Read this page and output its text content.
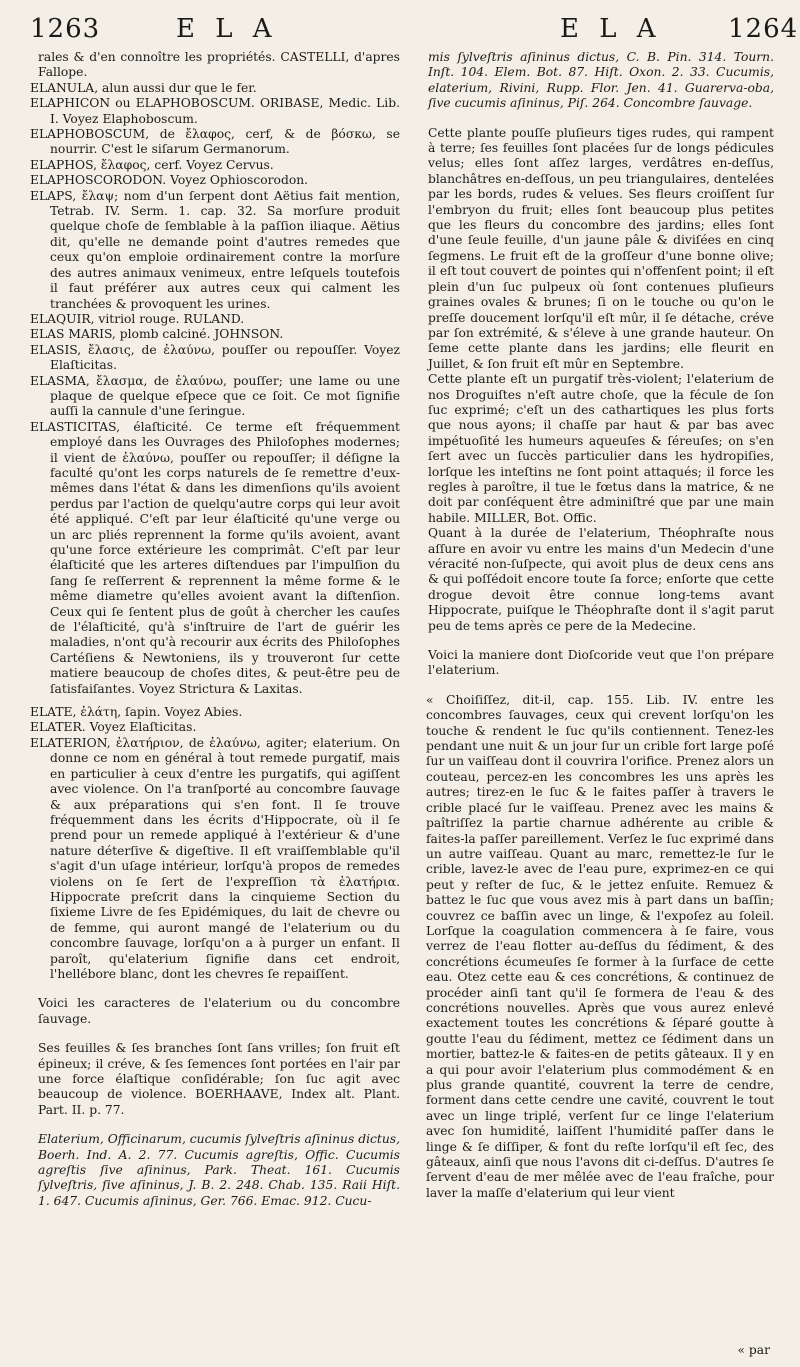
1263	E L A	E L A	1264

rales & d'en connoître les propriétés. CASTELLI, d'apres Fallope.

ELANULA, alun aussi dur que le fer.

ELAPHICON ou ELAPHOBOSCUM. ORIBASE, Medic. Lib. I. Voyez Elaphoboscum.

ELAPHOBOSCUM, de ἔλαφος, cerf, & de βόσκω, se nourrir. C'est le siſarum Germanorum.

ELAPHOS, ἔλαφος, cerf. Voyez Cervus.

ELAPHOSCORODON. Voyez Ophioscorodon.

ELAPS, ἔλαψ; nom d'un ſerpent dont Aëtius fait mention, Tetrab. IV. Serm. 1. cap. 32. Sa morſure produit quelque choſe de ſemblable à la paſſion iliaque. Aëtius dit, qu'elle ne demande point d'autres remedes que ceux qu'on emploie ordinairement contre la morſure des autres animaux venimeux, entre leſquels toutefois il faut préférer aux autres ceux qui calment les tranchées & provoquent les urines.

ELAQUIR, vitriol rouge. RULAND.

ELAS MARIS, plomb calciné. JOHNSON.

ELASIS, ἔλασις, de ἐλαύνω, pouſſer ou repouſſer. Voyez Elaſticitas.

ELASMA, ἔλασμα, de ἐλαύνω, pouſſer; une lame ou une plaque de quelque eſpece que ce ſoit. Ce mot ſignifie auſſi la cannule d'une ſeringue.

ELASTICITAS, élaſticité. Ce terme eſt fréquemment employé dans les Ouvrages des Philoſophes modernes; il vient de ἐλαύνω, pouſſer ou repouſſer; il déſigne la faculté qu'ont les corps naturels de ſe remettre d'eux-mêmes dans l'état & dans les dimenſions qu'ils avoient perdus par l'action de quelqu'autre corps qui leur avoit été appliqué. C'eſt par leur élaſticité qu'une verge ou un arc pliés reprennent la forme qu'ils avoient, avant qu'une force extérieure les comprimât. C'eſt par leur élaſticité que les arteres diſtendues par l'impulſion du ſang ſe reſſerrent & reprennent la même forme & le même diametre qu'elles avoient avant la diſtenſion. Ceux qui ſe ſentent plus de goût à chercher les cauſes de l'élaſticité, qu'à s'inſtruire de l'art de guérir les maladies, n'ont qu'à recourir aux écrits des Philoſophes Cartéſiens & Newtoniens, ils y trouveront ſur cette matiere beaucoup de choſes dites, & peut-être peu de ſatisfaiſantes. Voyez Strictura & Laxitas.

ELATE, ἐλάτη, ſapin. Voyez Abies.

ELATER. Voyez Elaſticitas.

ELATERION, ἐλατήριον, de ἐλαύνω, agiter; elaterium. On donne ce nom en général à tout remede purgatif, mais en particulier à ceux d'entre les purgatifs, qui agiſſent avec violence. On l'a tranſporté au concombre ſauvage & aux préparations qui s'en font. Il ſe trouve fréquemment dans les écrits d'Hippocrate, où il ſe prend pour un remede appliqué à l'extérieur & d'une nature déterſive & digeſtive. Il eſt vraiſſemblable qu'il s'agit d'un uſage intérieur, lorſqu'à propos de remedes violens on ſe ſert de l'expreſſion τὰ ἐλατήρια. Hippocrate preſcrit dans la cinquieme Section du ſixieme Livre de ſes Epidémiques, du lait de chevre ou de femme, qui auront mangé de l'elaterium ou du concombre ſauvage, lorſqu'on a à purger un enfant. Il paroît, qu'elaterium ſignifie dans cet endroit, l'hellébore blanc, dont les chevres ſe repaiſſent.

Voici les caracteres de l'elaterium ou du concombre ſauvage.

Ses feuilles & ſes branches ſont ſans vrilles; ſon fruit eſt épineux; il créve, & ſes ſemences ſont portées en l'air par une force élaſtique conſidérable; ſon ſuc agit avec beaucoup de violence. BOERHAAVE, Index alt. Plant. Part. II. p. 77.

Elaterium, Officinarum, cucumis ſylveſtris aſininus dictus, Boerh. Ind. A. 2. 77. Cucumis agreſtis, Offic. Cucumis agreſtis ſive aſininus, Park. Theat. 161. Cucumis ſylveſtris, ſive aſininus, J. B. 2. 248. Chab. 135. Raii Hiſt. 1. 647. Cucumis aſininus, Ger. 766. Emac. 912. Cucu-

mis ſylveſtris aſininus dictus, C. B. Pin. 314. Tourn. Inſt. 104. Elem. Bot. 87. Hiſt. Oxon. 2. 33. Cucumis, elaterium, Rivini, Rupp. Flor. Jen. 41. Guarerva-oba, ſive cucumis aſininus, Piſ. 264. Concombre ſauvage.

Cette plante pouſſe pluſieurs tiges rudes, qui rampent à terre; ſes feuilles ſont placées ſur de longs pédicules velus; elles ſont aſſez larges, verdâtres en-deſſus, blanchâtres en-deſſous, un peu triangulaires, dentelées par les bords, rudes & velues. Ses fleurs croiſſent ſur l'embryon du fruit; elles ſont beaucoup plus petites que les fleurs du concombre des jardins; elles ſont d'une ſeule feuille, d'un jaune pâle & diviſées en cinq ſegmens. Le fruit eſt de la groſſeur d'une bonne olive; il eſt tout couvert de pointes qui n'offenſent point; il eſt plein d'un ſuc pulpeux où ſont contenues pluſieurs graines ovales & brunes; ſi on le touche ou qu'on le preſſe doucement lorſqu'il eſt mûr, il ſe détache, créve par ſon extrémité, & s'éleve à une grande hauteur. On ſeme cette plante dans les jardins; elle fleurit en Juillet, & ſon fruit eſt mûr en Septembre.

Cette plante eſt un purgatif très-violent; l'elaterium de nos Droguiſtes n'eſt autre choſe, que la fécule de ſon ſuc exprimé; c'eſt un des cathartiques les plus forts que nous ayons; il chaſſe par haut & par bas avec impétuoſité les humeurs aqueuſes & ſéreuſes; on s'en ſert avec un ſuccès particulier dans les hydropiſies, lorſque les inteſtins ne ſont point attaqués; il force les regles à paroître, il tue le fœtus dans la matrice, & ne doit par conſéquent être adminiſtré que par une main habile. MILLER, Bot. Offic.

Quant à la durée de l'elaterium, Théophraſte nous aſſure en avoir vu entre les mains d'un Medecin d'une véracité non-ſuſpecte, qui avoit plus de deux cens ans & qui poſſédoit encore toute ſa force; enſorte que cette drogue devoit être connue long-tems avant Hippocrate, puiſque le Théophraſte dont il s'agit parut peu de tems après ce pere de la Medecine.

Voici la maniere dont Dioſcoride veut que l'on prépare l'elaterium.

« Choiſiſſez, dit-il, cap. 155. Lib. IV. entre les concombres ſauvages, ceux qui crevent lorſqu'on les touche & rendent le ſuc qu'ils contiennent. Tenez-les pendant une nuit & un jour ſur un crible fort large poſé ſur un vaiſſeau dont il couvrira l'orifice. Prenez alors un couteau, percez-en les concombres les uns après les autres; tirez-en le ſuc & le faites paſſer à travers le crible placé ſur le vaiſſeau. Prenez avec les mains & paîtriſſez la partie charnue adhérente au crible & faites-la paſſer pareillement. Verſez le ſuc exprimé dans un autre vaiſſeau. Quant au marc, remettez-le ſur le crible, lavez-le avec de l'eau pure, exprimez-en ce qui peut y reſter de ſuc, & le jettez enſuite. Remuez & battez le ſuc que vous avez mis à part dans un baſſin; couvrez ce baſſin avec un linge, & l'expoſez au ſoleil. Lorſque la coagulation commencera à ſe faire, vous verrez de l'eau flotter au-deſſus du ſédiment, & des concrétions écumeuſes ſe former à la ſurface de cette eau. Otez cette eau & ces concrétions, & continuez de procéder ainſi tant qu'il ſe formera de l'eau & des concrétions nouvelles. Après que vous aurez enlevé exactement toutes les concrétions & ſéparé goutte à goutte l'eau du ſédiment, mettez ce ſédiment dans un mortier, battez-le & faites-en de petits gâteaux. Il y en a qui pour avoir l'elaterium plus commodément & en plus grande quantité, couvrent la terre de cendre, forment dans cette cendre une cavité, couvrent le tout avec un linge triplé, verſent ſur ce linge l'elaterium avec ſon humidité, laiſſent l'humidité paſſer dans le linge & ſe diſſiper, & font du reſte lorſqu'il eſt ſec, des gâteaux, ainſi que nous l'avons dit ci-deſſus. D'autres ſe ſervent d'eau de mer mêlée avec de l'eau fraîche, pour laver la maſſe d'elaterium qui leur vient

« par
